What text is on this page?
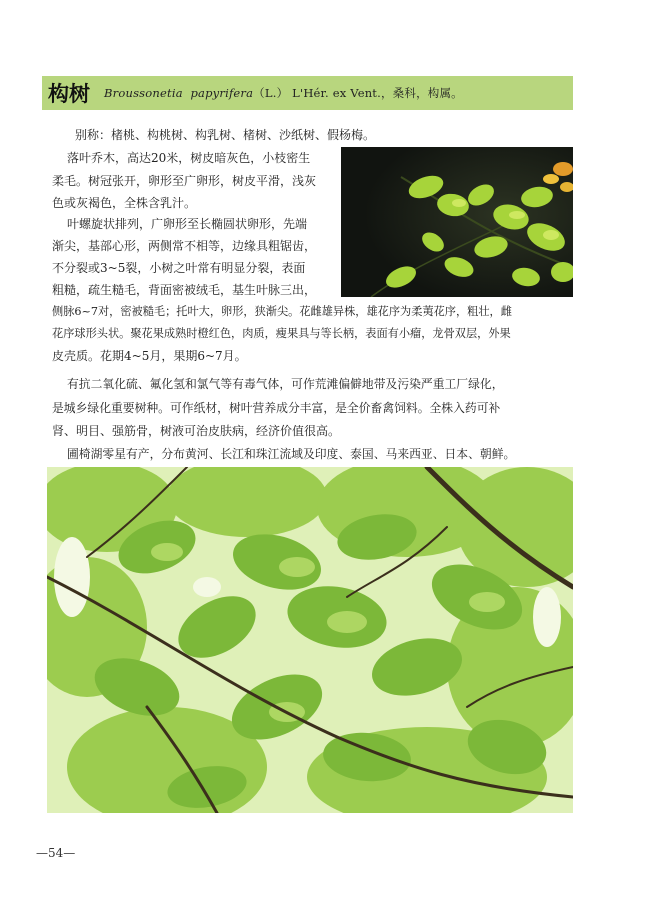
构树 Broussonetia papyrifera（L.） L'Hér. ex Vent.，桑科，构属。
别称：楮桃、构桃树、构乳树、楮树、沙纸树、假杨梅。
落叶乔木，高达20米，树皮暗灰色，小枝密生
柔毛。树冠张开，卵形至广卵形，树皮平滑，浅灰
色或灰褐色，全株含乳汁。
叶螺旋状排列，广卵形至长椭圆状卵形，先端
渐尖，基部心形，两侧常不相等，边缘具粗锯齿，
不分裂或3~5裂，小树之叶常有明显分裂，表面
粗糙，疏生糙毛，背面密被绒毛，基生叶脉三出，
侧脉6~7对，密被糙毛；托叶大，卵形，狭渐尖。花雌雄异株，雄花序为柔荑花序，粗壮，雌
花序球形头状。聚花果成熟时橙红色，肉质，瘦果具与等长柄，表面有小瘤，龙骨双层，外果
皮壳质。花期4~5月，果期6~7月。
有抗二氧化硫、氟化氢和氯气等有毒气体，可作荒滩偏僻地带及污染严重工厂绿化，
是城乡绿化重要树种。可作纸材，树叶营养成分丰富，是全价畜禽饲料。全株入药可补
肾、明目、强筋骨，树液可治皮肤病，经济价值很高。
圃椅湖零星有产，分布黄河、长江和珠江流域及印度、泰国、马来西亚、日本、朝鲜。
—54—
